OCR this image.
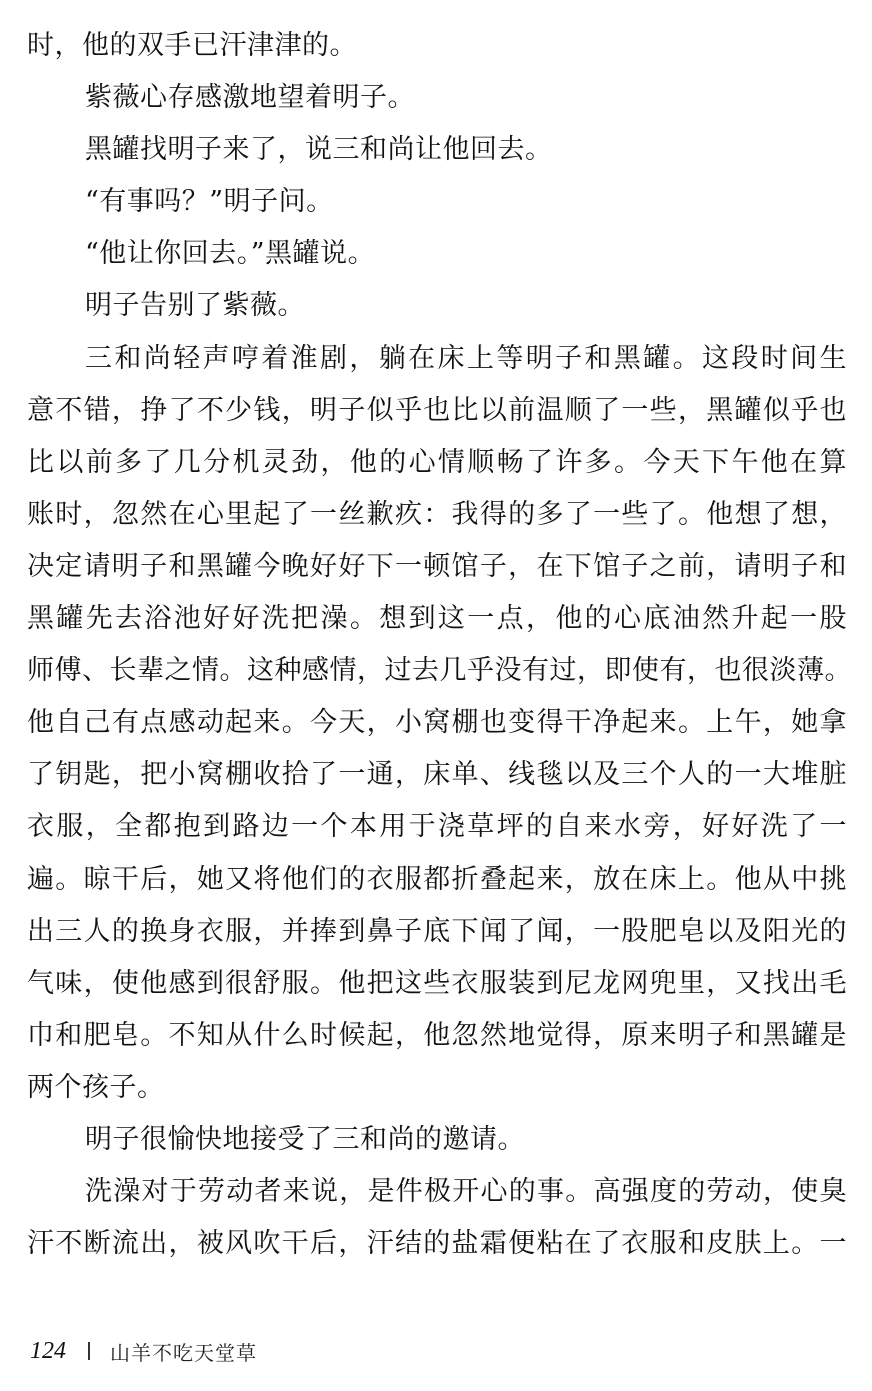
时，他的双手已汗津津的。
紫薇心存感激地望着明子。
黑罐找明子来了，说三和尚让他回去。
“有事吗？”明子问。
“他让你回去。”黑罐说。
明子告别了紫薇。
三和尚轻声哼着淮剧，躺在床上等明子和黑罐。这段时间生
意不错，挣了不少钱，明子似乎也比以前温顺了一些，黑罐似乎也
比以前多了几分机灵劲，他的心情顺畅了许多。今天下午他在算
账时，忽然在心里起了一丝歉疚：我得的多了一些了。他想了想，
决定请明子和黑罐今晚好好下一顿馆子，在下馆子之前，请明子和
黑罐先去浴池好好洗把澡。想到这一点，他的心底油然升起一股
师傅、长辈之情。这种感情，过去几乎没有过，即使有，也很淡薄。
他自己有点感动起来。今天，小窝棚也变得干净起来。上午，她拿
了钥匙，把小窝棚收拾了一通，床单、线毯以及三个人的一大堆脏
衣服，全都抱到路边一个本用于浇草坪的自来水旁，好好洗了一
遍。晾干后，她又将他们的衣服都折叠起来，放在床上。他从中挑
出三人的换身衣服，并捧到鼻子底下闻了闻，一股肥皂以及阳光的
气味，使他感到很舒服。他把这些衣服装到尼龙网兜里，又找出毛
巾和肥皂。不知从什么时候起，他忽然地觉得，原来明子和黑罐是
两个孩子。
明子很愉快地接受了三和尚的邀请。
洗澡对于劳动者来说，是件极开心的事。高强度的劳动，使臭
汗不断流出，被风吹干后，汗结的盐霜便粘在了衣服和皮肤上。一
124 山羊不吃天堂草
